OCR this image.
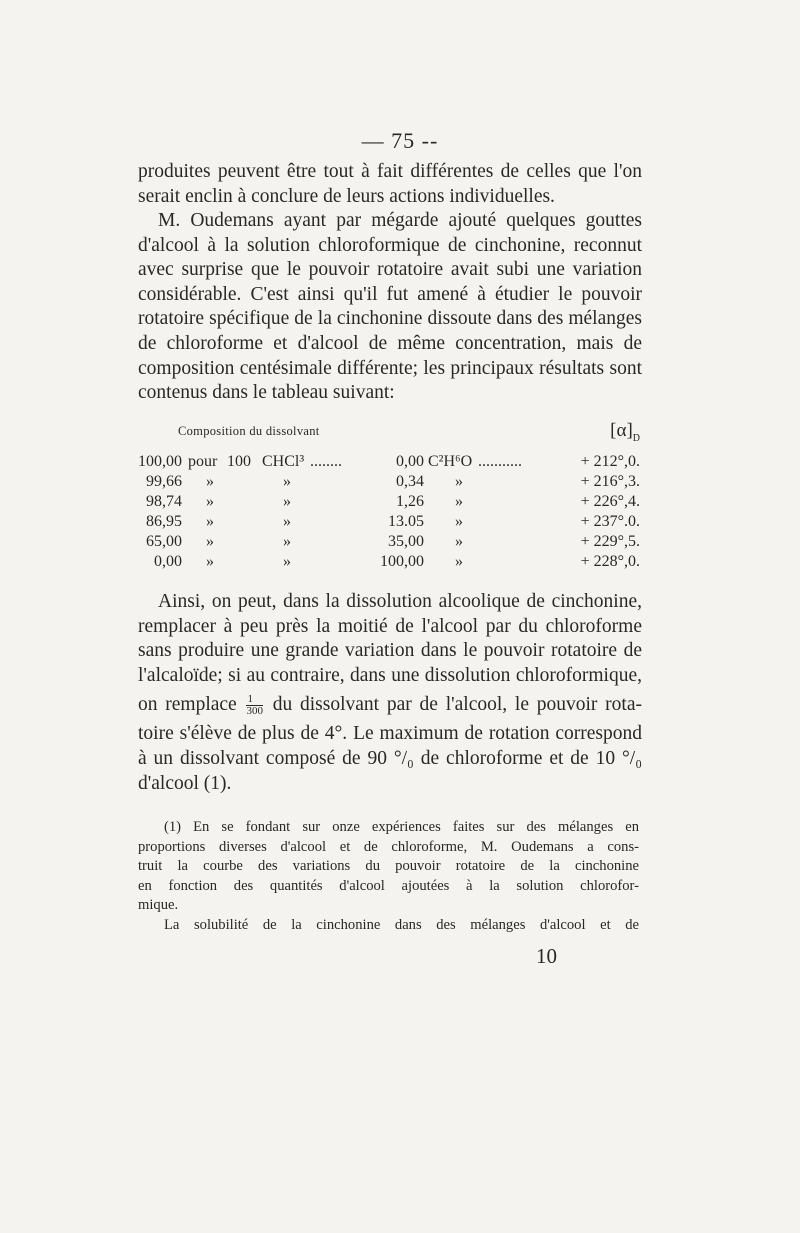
— 75 --
produites peuvent être tout à fait différentes de celles que l'on
serait enclin à conclure de leurs actions individuelles.
M. Oudemans ayant par mégarde ajouté quelques gouttes
d'alcool à la solution chloroformique de cinchonine, reconnut
avec surprise que le pouvoir rotatoire avait subi une variation
considérable. C'est ainsi qu'il fut amené à étudier le pouvoir
rotatoire spécifique de la cinchonine dissoute dans des mélanges
de chloroforme et d'alcool de même concentration, mais de
composition centésimale différente; les principaux résultats sont
contenus dans le tableau suivant:
Composition du dissolvant	$[\alpha]_D$
100,00 pour 100 CHCl³ ........	0,00 C²H⁶O ...........	+ 212°,0.
99,66 »	»	0,34 »	+ 216°,3.
98,74 »	»	1,26 »	+ 226°,4.
86,95 »	»	13.05 »	+ 237°.0.
65,00 »	»	35,00 »	+ 229°,5.
0,00 »	»	100,00 »	+ 228°,0.
Ainsi, on peut, dans la dissolution alcoolique de cinchonine,
remplacer à peu près la moitié de l'alcool par du chloroforme
sans produire une grande variation dans le pouvoir rotatoire de
l'alcaloïde; si au contraire, dans une dissolution chloroformique,
on remplace $\frac{1}{300}$ du dissolvant par de l'alcool, le pouvoir rota-
toire s'élève de plus de 4°. Le maximum de rotation correspond
à un dissolvant composé de 90 °/₀ de chloroforme et de 10 °/₀
d'alcool (1).
(1) En se fondant sur onze expériences faites sur des mélanges en
proportions diverses d'alcool et de chloroforme, M. Oudemans a cons-
truit la courbe des variations du pouvoir rotatoire de la cinchonine
en fonction des quantités d'alcool ajoutées à la solution chlorofor-
mique.
La solubilité de la cinchonine dans des mélanges d'alcool et de
10
